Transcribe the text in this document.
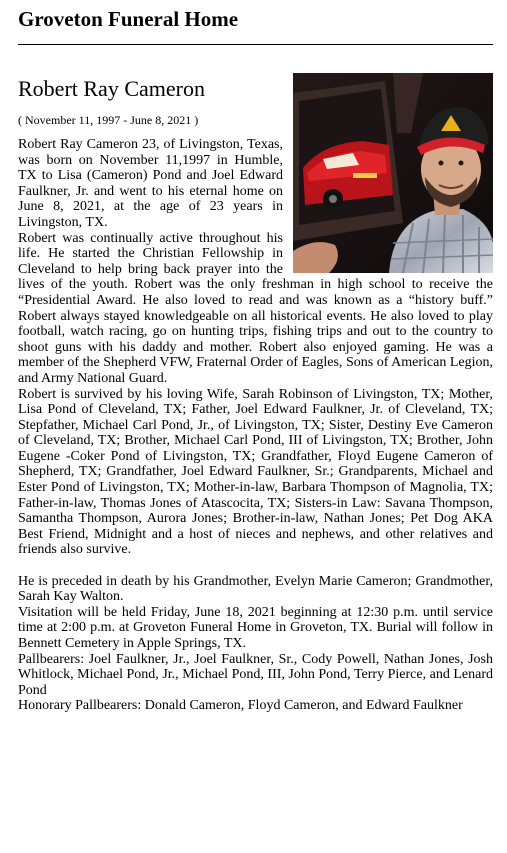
Groveton Funeral Home
Robert Ray Cameron
( November 11, 1997 - June 8, 2021 )

Robert Ray Cameron 23, of Livingston, Texas, was born on November 11,1997 in Humble, TX to Lisa (Cameron) Pond and Joel Edward Faulkner, Jr. and went to his eternal home on June 8, 2021, at the age of 23 years in Livingston, TX.

Robert was continually active throughout his life. He started the Christian Fellowship in Cleveland to help bring back prayer into the lives of the youth. Robert was the only freshman in high school to receive the “Presidential Award. He also loved to read and was known as a “history buff.” Robert always stayed knowledgeable on all historical events. He also loved to play football, watch racing, go on hunting trips, fishing trips and out to the country to shoot guns with his daddy and mother. Robert also enjoyed gaming. He was a member of the Shepherd VFW, Fraternal Order of Eagles, Sons of American Legion, and Army National Guard.

Robert is survived by his loving Wife, Sarah Robinson of Livingston, TX; Mother, Lisa Pond of Cleveland, TX; Father, Joel Edward Faulkner, Jr. of Cleveland, TX; Stepfather, Michael Carl Pond, Jr., of Livingston, TX; Sister, Destiny Eve Cameron of Cleveland, TX; Brother, Michael Carl Pond, III of Livingston, TX; Brother, John Eugene -Coker Pond of Livingston, TX; Grandfather, Floyd Eugene Cameron of Shepherd, TX; Grandfather, Joel Edward Faulkner, Sr.; Grandparents, Michael and Ester Pond of Livingston, TX; Mother-in-law, Barbara Thompson of Magnolia, TX; Father-in-law, Thomas Jones of Atascocita, TX; Sisters-in Law: Savana Thompson, Samantha Thompson, Aurora Jones; Brother-in-law, Nathan Jones; Pet Dog AKA Best Friend, Midnight and a host of nieces and nephews, and other relatives and friends also survive.

He is preceded in death by his Grandmother, Evelyn Marie Cameron; Grandmother, Sarah Kay Walton.

Visitation will be held Friday, June 18, 2021 beginning at 12:30 p.m. until service time at 2:00 p.m. at Groveton Funeral Home in Groveton, TX. Burial will follow in Bennett Cemetery in Apple Springs, TX.

Pallbearers: Joel Faulkner, Jr., Joel Faulkner, Sr., Cody Powell, Nathan Jones, Josh Whitlock, Michael Pond, Jr., Michael Pond, III, John Pond, Terry Pierce, and Lenard Pond

Honorary Pallbearers: Donald Cameron, Floyd Cameron, and Edward Faulkner
